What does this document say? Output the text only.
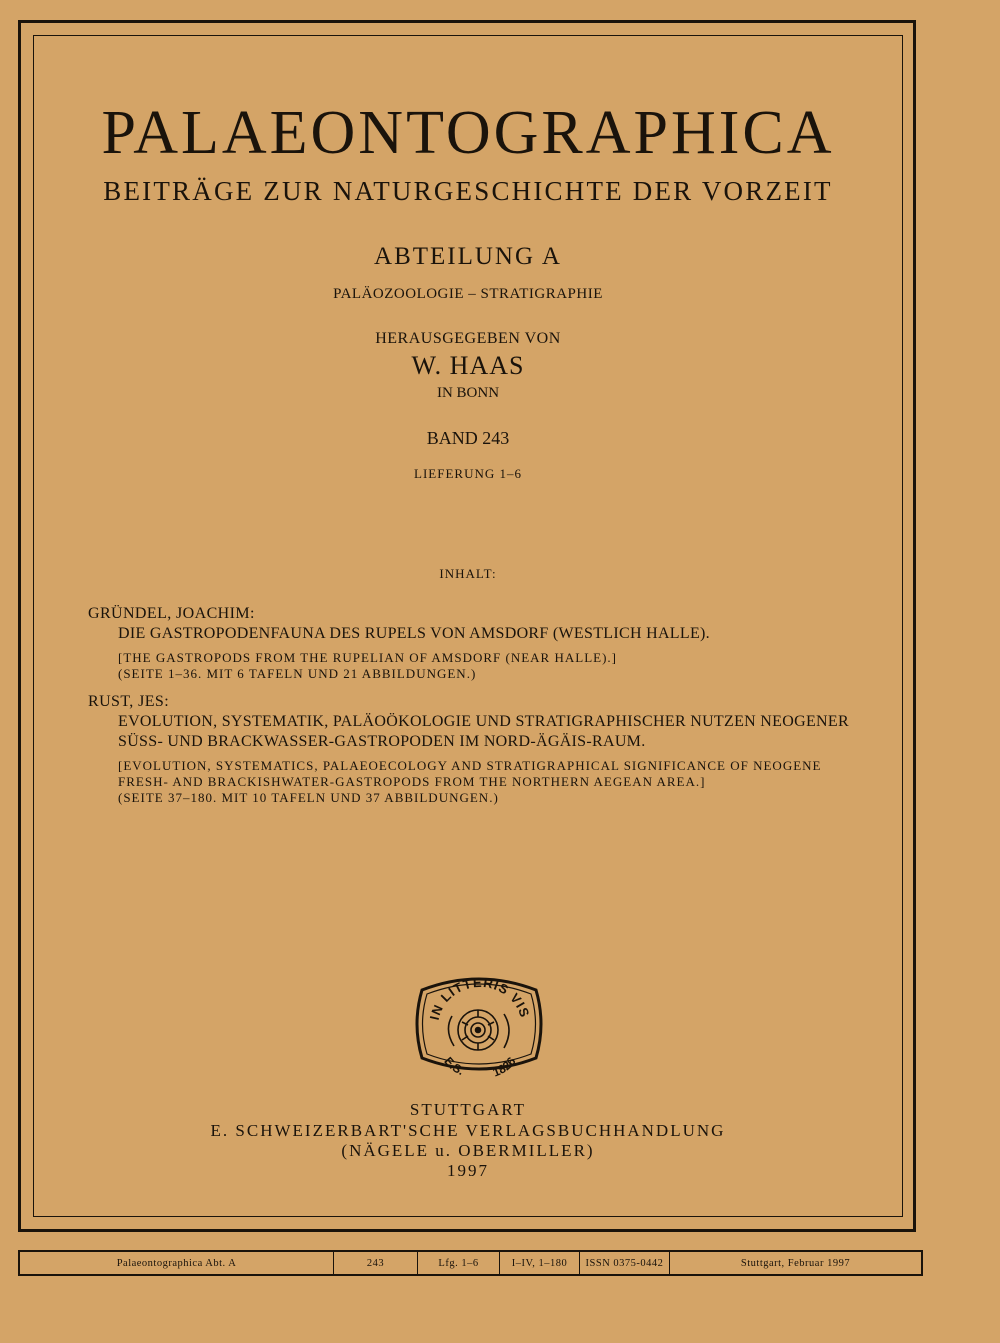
PALAEONTOGRAPHICA
BEITRÄGE ZUR NATURGESCHICHTE DER VORZEIT
ABTEILUNG A
PALÄOZOOLOGIE – STRATIGRAPHIE
HERAUSGEGEBEN VON
W. HAAS
IN BONN
BAND 243
LIEFERUNG 1–6
INHALT:
GRÜNDEL, JOACHIM:
DIE GASTROPODENFAUNA DES RUPELS VON AMSDORF (WESTLICH HALLE).
[THE GASTROPODS FROM THE RUPELIAN OF AMSDORF (NEAR HALLE).]
(SEITE 1–36. MIT 6 TAFELN UND 21 ABBILDUNGEN.)
RUST, JES:
EVOLUTION, SYSTEMATIK, PALÄOÖKOLOGIE UND STRATIGRAPHISCHER NUTZEN NEOGENER
SÜSS- UND BRACKWASSER-GASTROPODEN IM NORD-ÄGÄIS-RAUM.
[EVOLUTION, SYSTEMATICS, PALAEOECOLOGY AND STRATIGRAPHICAL SIGNIFICANCE OF NEOGENE
FRESH- AND BRACKISHWATER-GASTROPODS FROM THE NORTHERN AEGEAN AREA.]
(SEITE 37–180. MIT 10 TAFELN UND 37 ABBILDUNGEN.)
IN LITTERIS VIS
E.S. 1826
STUTTGART
E. SCHWEIZERBART'SCHE VERLAGSBUCHHANDLUNG
(NÄGELE u. OBERMILLER)
1997
Palaeontographica Abt. A	243	Lfg. 1–6	I–IV, 1–180	ISSN 0375-0442	Stuttgart, Februar 1997
